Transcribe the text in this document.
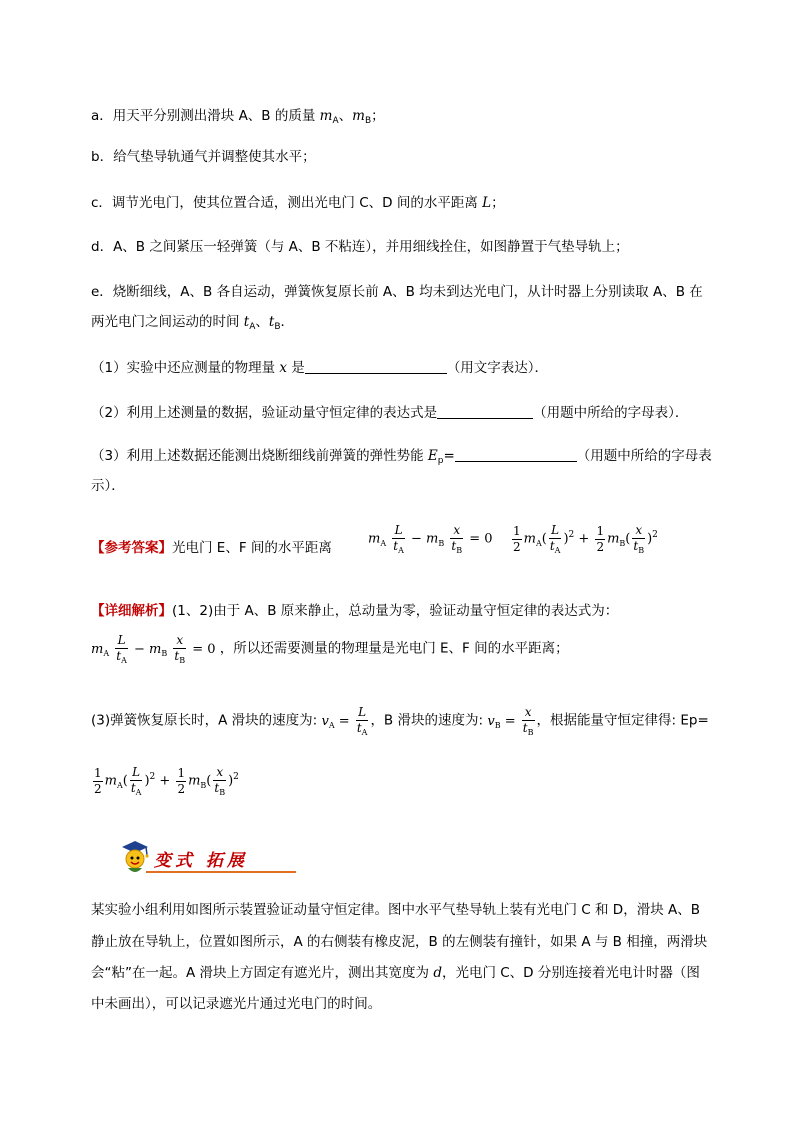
a．用天平分别测出滑块 A、B 的质量 $m_A$、$m_B$；
b．给气垫导轨通气并调整使其水平；
c．调节光电门，使其位置合适，测出光电门 C、D 间的水平距离 L；
d．A、B 之间紧压一轻弹簧（与 A、B 不粘连），并用细线拴住，如图静置于气垫导轨上；
e．烧断细线，A、B 各自运动，弹簧恢复原长前 A、B 均未到达光电门，从计时器上分别读取 A、B 在
两光电门之间运动的时间 $t_A$、$t_B$．
（1）实验中还应测量的物理量 x 是	（用文字表达）．
（2）利用上述测量的数据，验证动量守恒定律的表达式是	（用题中所给的字母表）．
（3）利用上述数据还能测出烧断细线前弹簧的弹性势能 $E_p=$	（用题中所给的字母表
示）．
【参考答案】光电门 E、F 间的水平距离
$m_A \frac{L}{t_A} - m_B \frac{x}{t_B} = 0 \frac{1}{2} m_A( \frac{L}{t_A} )^2 + \frac{1}{2} m_B( \frac{x}{t_B} )^2$
【详细解析】(1、2)由于 A、B 原来静止，总动量为零，验证动量守恒定律的表达式为：
$m_A \frac{L}{t_A} - m_B \frac{x}{t_B} = 0$ ，所以还需要测量的物理量是光电门 E、F 间的水平距离；
(3)弹簧恢复原长时，A 滑块的速度为: $v_A = \frac{L}{t_A}$ ，B 滑块的速度为: $v_B = \frac{x}{t_B}$ ，根据能量守恒定律得: Ep=
$\frac{1}{2} m_A( \frac{L}{t_A} )^2 + \frac{1}{2} m_B( \frac{x}{t_B} )^2$
变式 拓展
某实验小组利用如图所示装置验证动量守恒定律。图中水平气垫导轨上装有光电门 C 和 D，滑块 A、B
静止放在导轨上，位置如图所示，A 的右侧装有橡皮泥，B 的左侧装有撞针，如果 A 与 B 相撞，两滑块
会“粘”在一起。A 滑块上方固定有遮光片，测出其宽度为 d，光电门 C、D 分别连接着光电计时器（图
中未画出），可以记录遮光片通过光电门的时间。
